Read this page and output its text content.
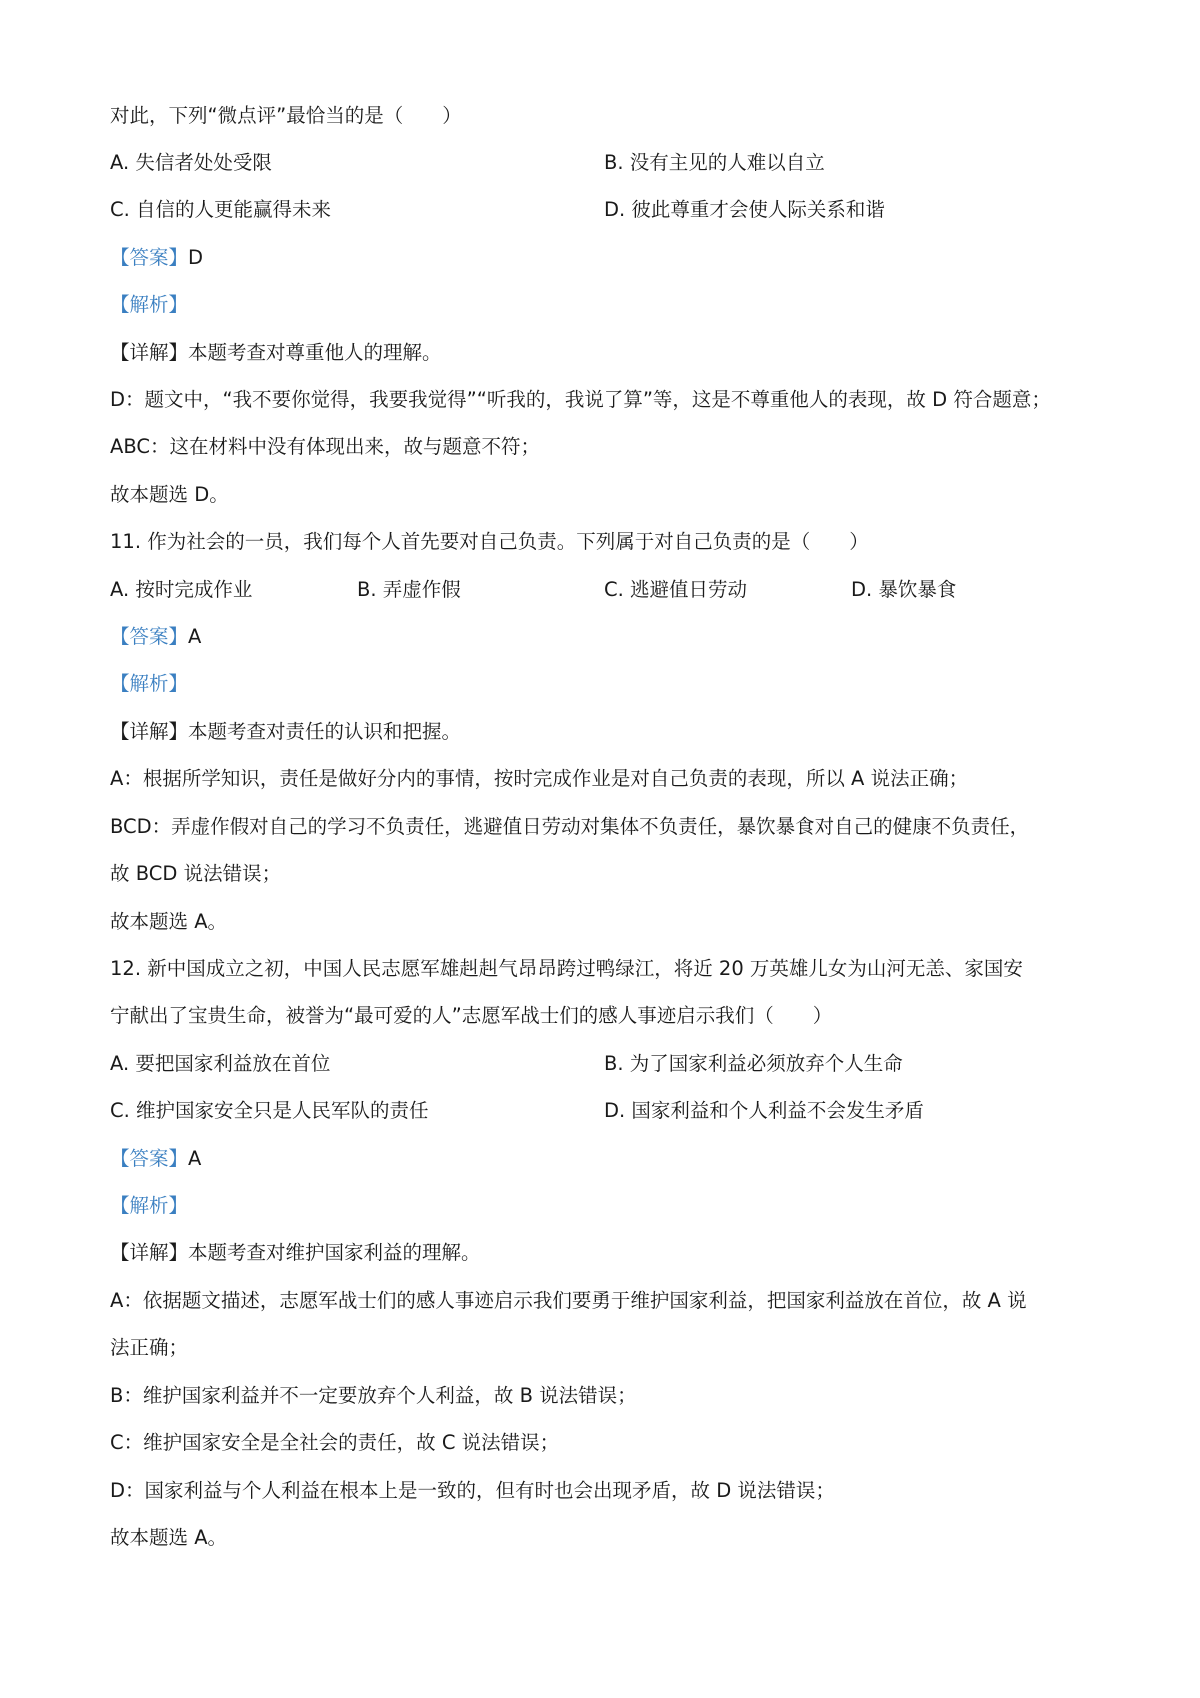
对此，下列“微点评”最恰当的是（　　）
A. 失信者处处受限	B. 没有主见的人难以自立
C. 自信的人更能赢得未来	D. 彼此尊重才会使人际关系和谐
【答案】D
【解析】
【详解】本题考查对尊重他人的理解。
D：题文中，“我不要你觉得，我要我觉得”“听我的，我说了算”等，这是不尊重他人的表现，故 D 符合题意；
ABC：这在材料中没有体现出来，故与题意不符；
故本题选 D。
11. 作为社会的一员，我们每个人首先要对自己负责。下列属于对自己负责的是（　　）
A. 按时完成作业	B. 弄虚作假	C. 逃避值日劳动	D. 暴饮暴食
【答案】A
【解析】
【详解】本题考查对责任的认识和把握。
A：根据所学知识，责任是做好分内的事情，按时完成作业是对自己负责的表现，所以 A 说法正确；
BCD：弄虚作假对自己的学习不负责任，逃避值日劳动对集体不负责任，暴饮暴食对自己的健康不负责任，
故 BCD 说法错误；
故本题选 A。
12. 新中国成立之初，中国人民志愿军雄赳赳气昂昂跨过鸭绿江，将近 20 万英雄儿女为山河无恙、家国安
宁献出了宝贵生命，被誉为“最可爱的人”志愿军战士们的感人事迹启示我们（　　）
A. 要把国家利益放在首位	B. 为了国家利益必须放弃个人生命
C. 维护国家安全只是人民军队的责任	D. 国家利益和个人利益不会发生矛盾
【答案】A
【解析】
【详解】本题考查对维护国家利益的理解。
A：依据题文描述，志愿军战士们的感人事迹启示我们要勇于维护国家利益，把国家利益放在首位，故 A 说
法正确；
B：维护国家利益并不一定要放弃个人利益，故 B 说法错误；
C：维护国家安全是全社会的责任，故 C 说法错误；
D：国家利益与个人利益在根本上是一致的，但有时也会出现矛盾，故 D 说法错误；
故本题选 A。
